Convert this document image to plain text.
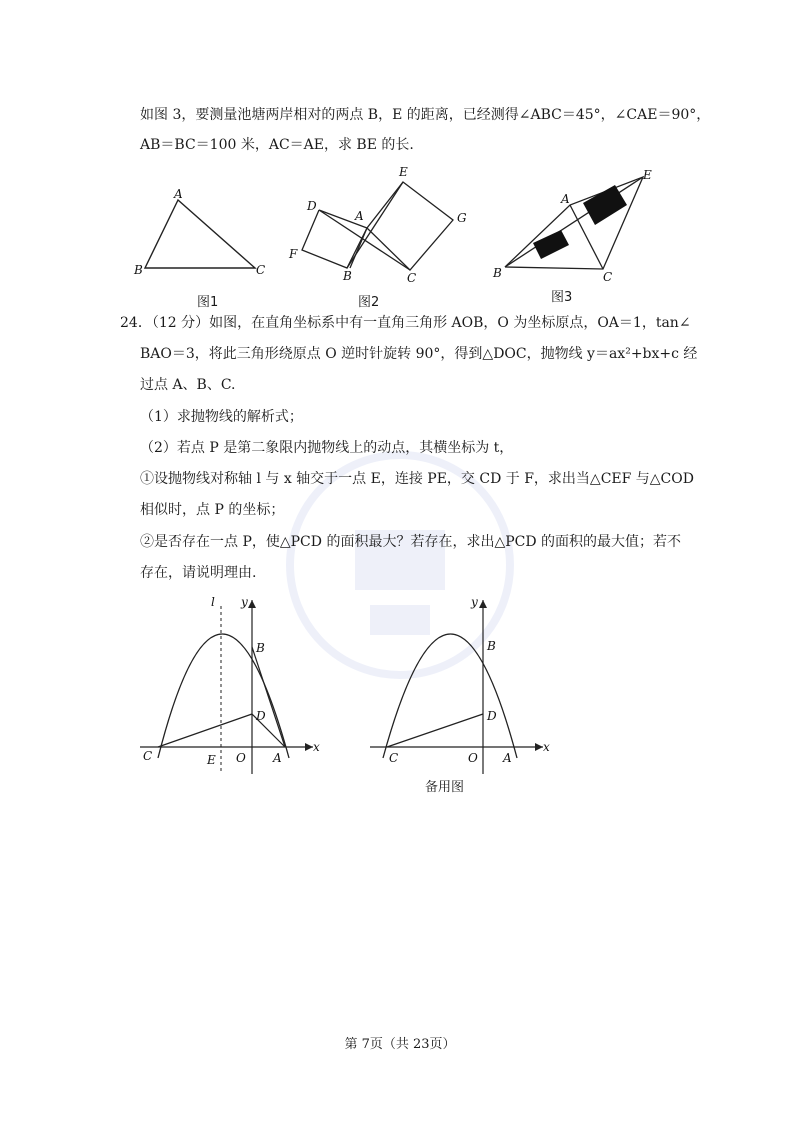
如图 3，要测量池塘两岸相对的两点 B，E 的距离，已经测得∠ABC＝45°，∠CAE＝90°，
AB＝BC＝100 米，AC＝AE，求 BE 的长.
A
B	C
图1
E
D
A	G
F
B	C
图2
E
A
B	C
图3
24．（12 分）如图，在直角坐标系中有一直角三角形 AOB，O 为坐标原点，OA＝1，tan∠
BAO＝3，将此三角形绕原点 O 逆时针旋转 90°，得到△DOC，抛物线 y＝ax²+bx+c 经
过点 A、B、C.
（1）求抛物线的解析式；
（2）若点 P 是第二象限内抛物线上的动点，其横坐标为 t，
①设抛物线对称轴 l 与 x 轴交于一点 E，连接 PE，交 CD 于 F，求出当△CEF 与△COD
相似时，点 P 的坐标；
②是否存在一点 P，使△PCD 的面积最大？若存在，求出△PCD 的面积的最大值；若不
存在，请说明理由.
l y
B
D
C	E O A
x
y
B
D
C	O A
x
备用图
第 7页（共 23页）
